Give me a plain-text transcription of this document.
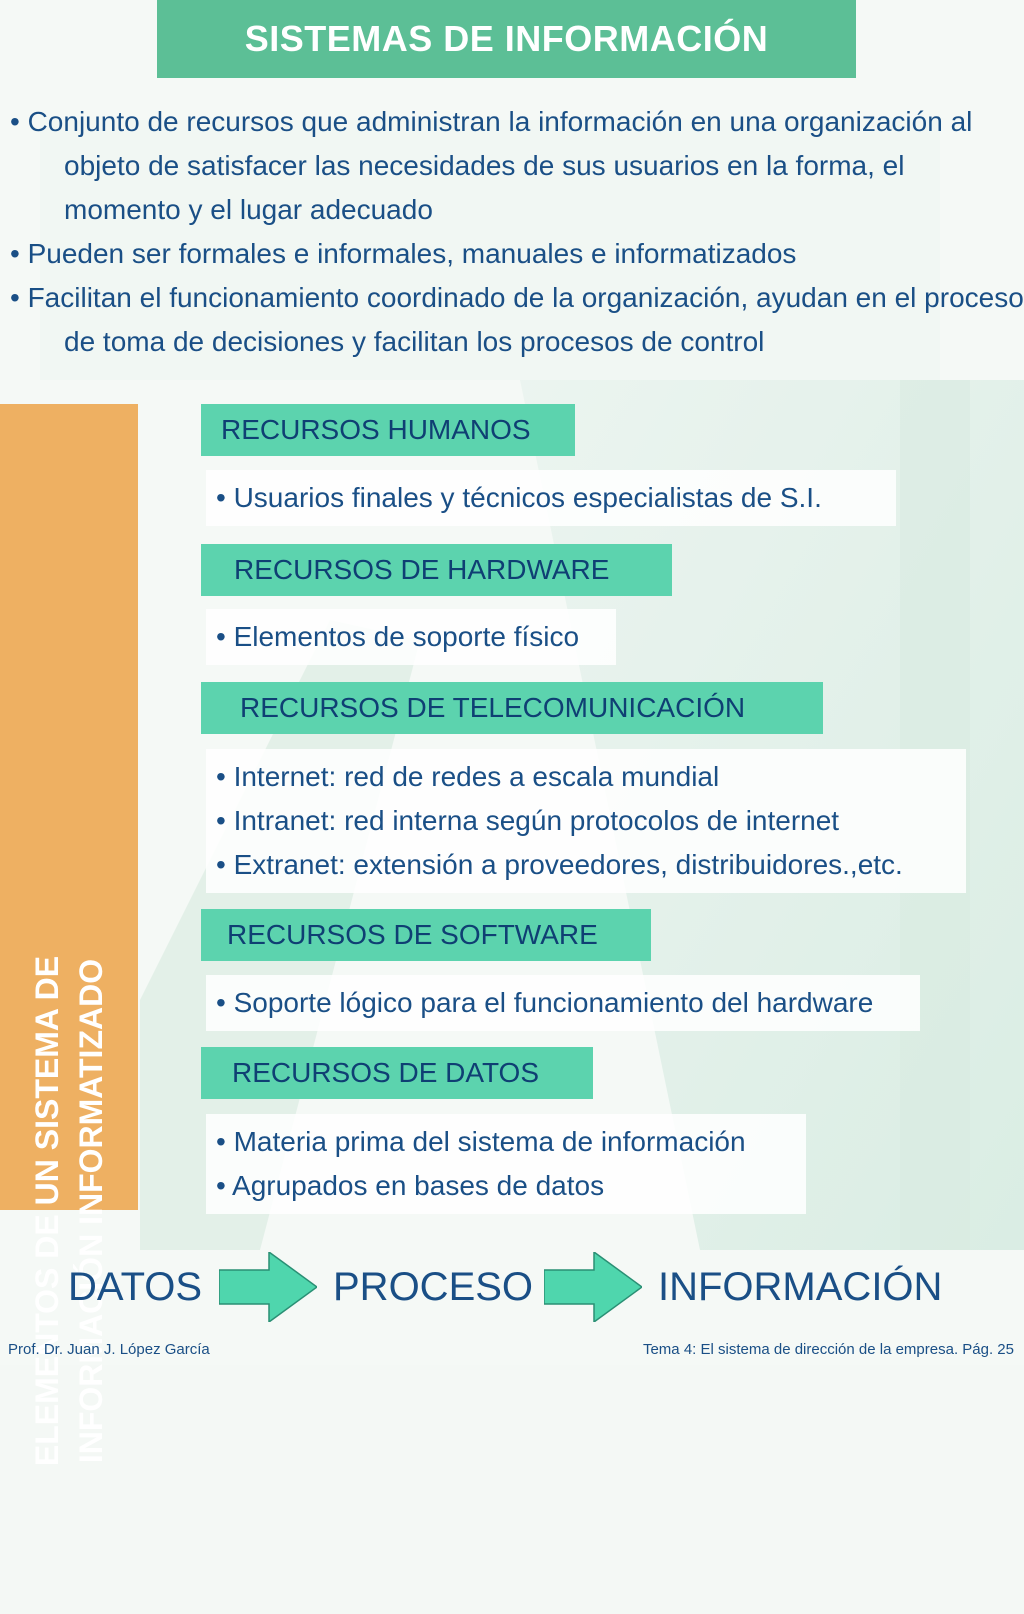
SISTEMAS DE INFORMACIÓN
• Conjunto de recursos que administran la información en una organización al objeto de satisfacer las necesidades de sus usuarios en la forma, el momento y el lugar adecuado
• Pueden ser formales e informales, manuales e informatizados
• Facilitan el funcionamiento coordinado de la organización, ayudan en el proceso de toma de decisiones y facilitan los procesos de control
ELEMENTOS DE UN SISTEMA DE INFORMACIÓN INFORMATIZADO
RECURSOS HUMANOS
• Usuarios finales y técnicos especialistas de S.I.
RECURSOS DE HARDWARE
• Elementos de soporte físico
RECURSOS DE TELECOMUNICACIÓN
• Internet: red de redes a escala mundial
• Intranet: red interna según protocolos de internet
• Extranet: extensión a proveedores, distribuidores.,etc.
RECURSOS DE SOFTWARE
• Soporte lógico para el funcionamiento del hardware
RECURSOS DE DATOS
• Materia prima del sistema de información
• Agrupados en bases de datos
DATOS	PROCESO	INFORMACIÓN
Prof. Dr. Juan J. López García	Tema 4: El sistema de dirección de la empresa. Pág. 25
